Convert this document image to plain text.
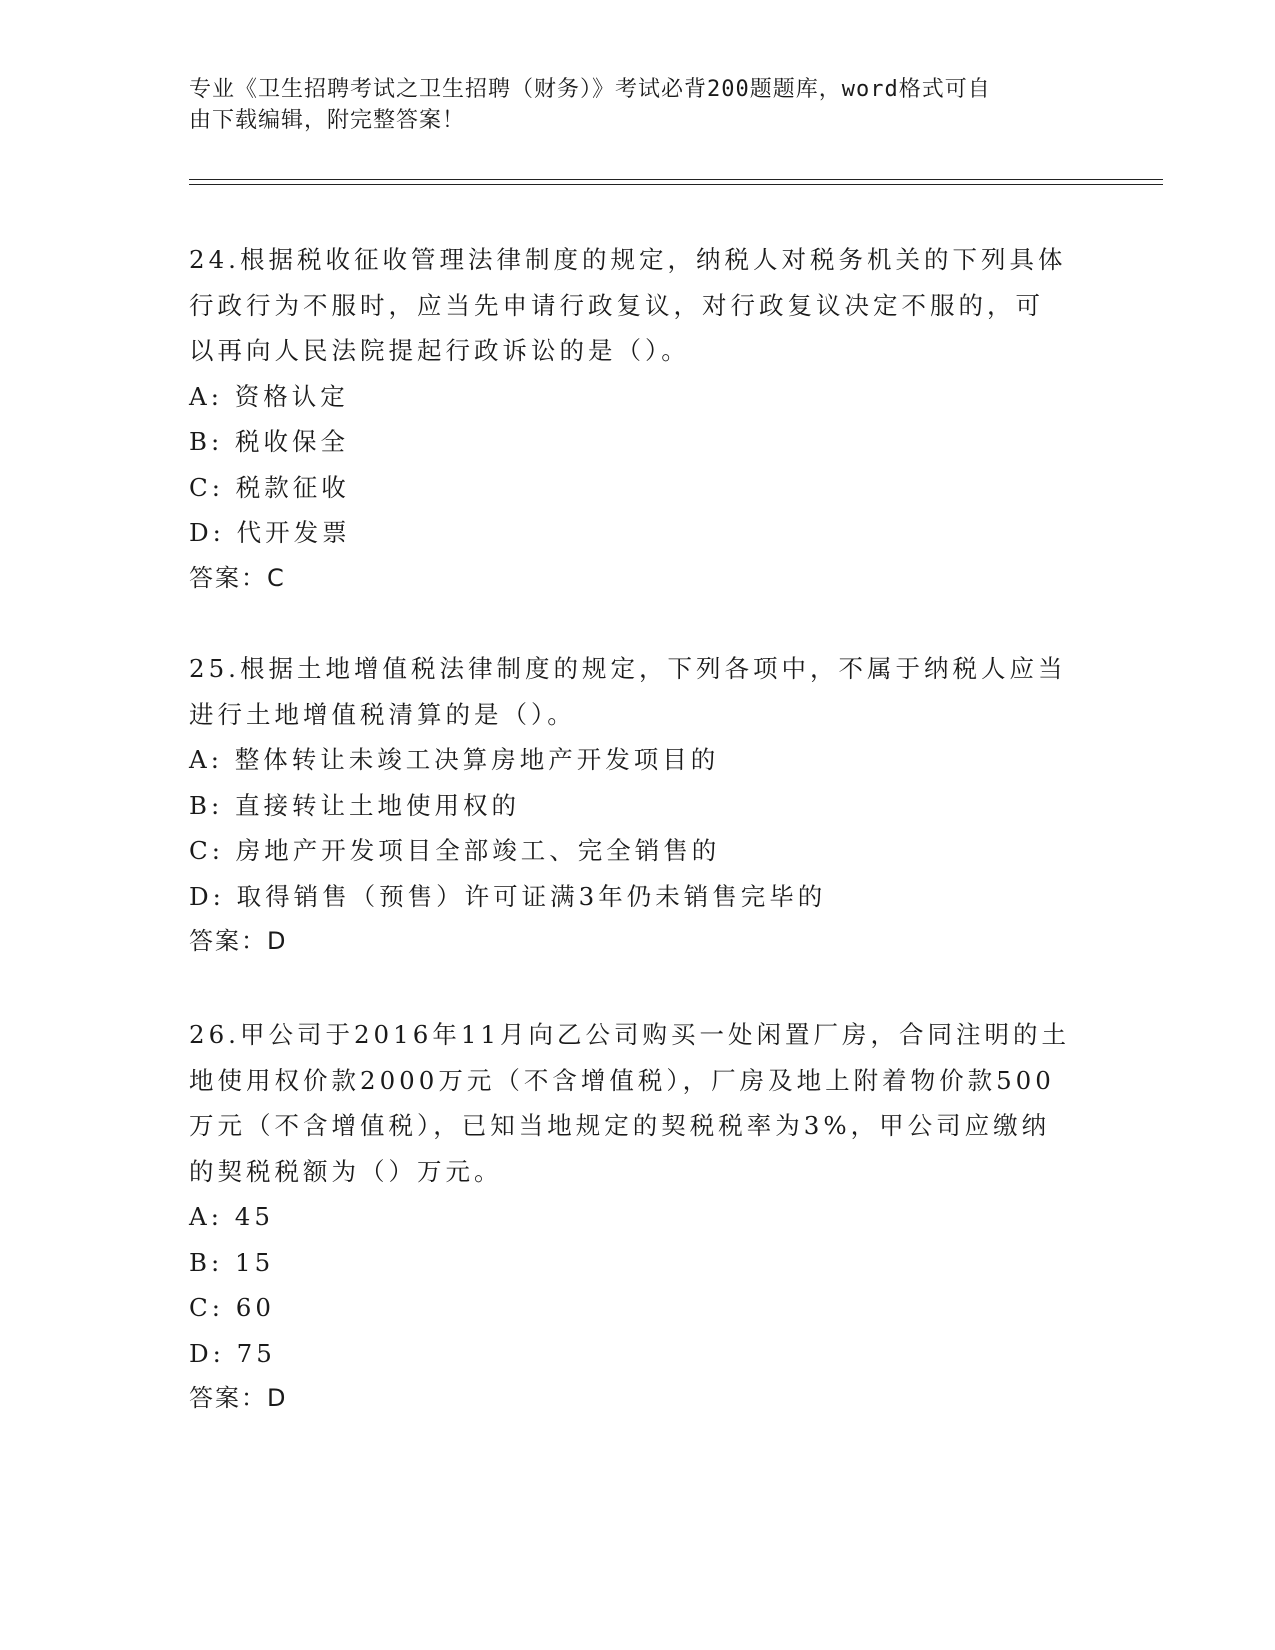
专业《卫生招聘考试之卫生招聘（财务）》考试必背200题题库，word格式可自
由下载编辑，附完整答案！
24.根据税收征收管理法律制度的规定，纳税人对税务机关的下列具体
行政行为不服时，应当先申请行政复议，对行政复议决定不服的，可
以再向人民法院提起行政诉讼的是（）。
A: 资格认定
B: 税收保全
C: 税款征收
D: 代开发票
答案：C
25.根据土地增值税法律制度的规定，下列各项中，不属于纳税人应当
进行土地增值税清算的是（）。
A: 整体转让未竣工决算房地产开发项目的
B: 直接转让土地使用权的
C: 房地产开发项目全部竣工、完全销售的
D: 取得销售（预售）许可证满3年仍未销售完毕的
答案：D
26.甲公司于2016年11月向乙公司购买一处闲置厂房，合同注明的土
地使用权价款2000万元（不含增值税），厂房及地上附着物价款500
万元（不含增值税），已知当地规定的契税税率为3%，甲公司应缴纳
的契税税额为（）万元。
A: 45
B: 15
C: 60
D: 75
答案：D
